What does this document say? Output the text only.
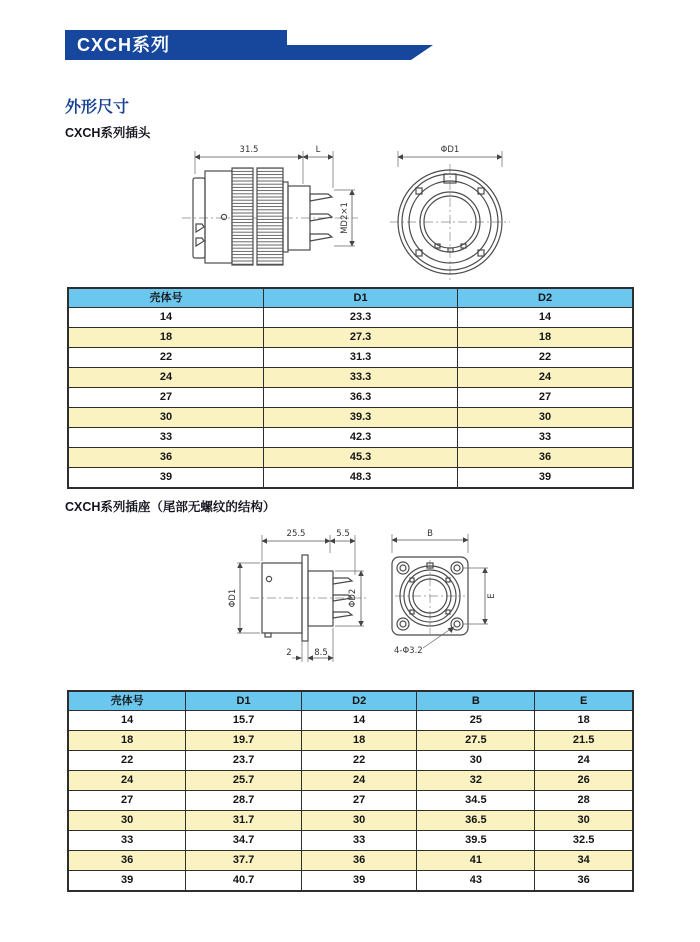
CXCH系列
外形尺寸
CXCH系列插头
31.5	L
MD2×1
ΦD1
壳体号	D1	D2
14	23.3	14
18	27.3	18
22	31.3	22
24	33.3	24
27	36.3	27
30	39.3	30
33	42.3	33
36	45.3	36
39	48.3	39
CXCH系列插座（尾部无螺纹的结构）
25.5	5.5
ΦD1	ΦD2
2	8.5
B
E
4-Φ3.2
壳体号	D1	D2	B	E
14	15.7	14	25	18
18	19.7	18	27.5	21.5
22	23.7	22	30	24
24	25.7	24	32	26
27	28.7	27	34.5	28
30	31.7	30	36.5	30
33	34.7	33	39.5	32.5
36	37.7	36	41	34
39	40.7	39	43	36
